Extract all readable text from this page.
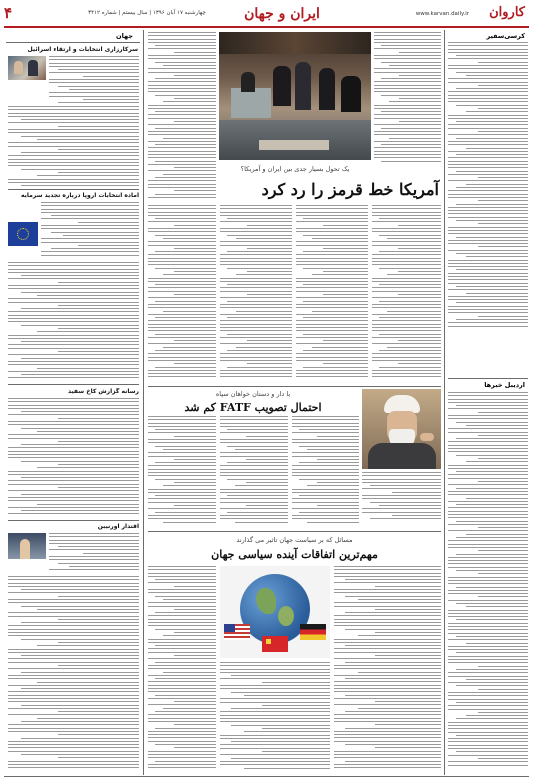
۴	چهارشنبه ۱۷ آبان ۱۳۹۶ | سال بیستم | شماره ۳۴۱۲	ایران و جهان	www.karvan.daily.ir کاروان
جهان
سرکارزاری انتخابات و ارتقاء اسرائیل
آماده انتخابات اروپا درباره تجدید سرمایه
رسانه گزارش کاخ سفید
اقتدار اورنیبن
یک تحول بسیار جدی بین ایران و آمریکا؟
آمریکا خط قرمز را رد کرد
با دار و دستان خواهان سپاه
احتمال تصویب FATF کم شد
مسائل که بر سیاست جهان تاثیر می گذارند
مهم‌ترین اتفاقات آینده سیاسی جهان
کرسی‌سفیر
اردیبل خبرها
